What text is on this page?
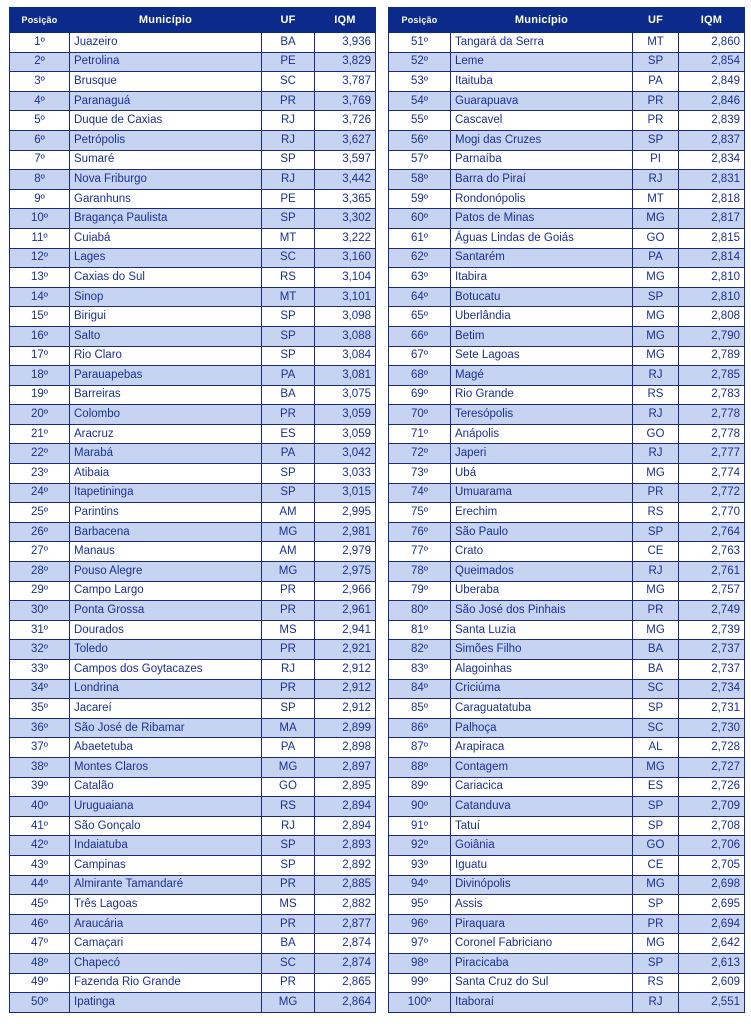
Posição	Município	UF	IQM
1º	Juazeiro	BA	3,936
2º	Petrolina	PE	3,829
3º	Brusque	SC	3,787
4º	Paranaguá	PR	3,769
5º	Duque de Caxias	RJ	3,726
6º	Petrópolis	RJ	3,627
7º	Sumaré	SP	3,597
8º	Nova Friburgo	RJ	3,442
9º	Garanhuns	PE	3,365
10º	Bragança Paulista	SP	3,302
11º	Cuiabá	MT	3,222
12º	Lages	SC	3,160
13º	Caxias do Sul	RS	3,104
14º	Sinop	MT	3,101
15º	Birigui	SP	3,098
16º	Salto	SP	3,088
17º	Rio Claro	SP	3,084
18º	Parauapebas	PA	3,081
19º	Barreiras	BA	3,075
20º	Colombo	PR	3,059
21º	Aracruz	ES	3,059
22º	Marabá	PA	3,042
23º	Atibaia	SP	3,033
24º	Itapetininga	SP	3,015
25º	Parintins	AM	2,995
26º	Barbacena	MG	2,981
27º	Manaus	AM	2,979
28º	Pouso Alegre	MG	2,975
29º	Campo Largo	PR	2,966
30º	Ponta Grossa	PR	2,961
31º	Dourados	MS	2,941
32º	Toledo	PR	2,921
33º	Campos dos Goytacazes	RJ	2,912
34º	Londrina	PR	2,912
35º	Jacareí	SP	2,912
36º	São José de Ribamar	MA	2,899
37º	Abaetetuba	PA	2,898
38º	Montes Claros	MG	2,897
39º	Catalão	GO	2,895
40º	Uruguaiana	RS	2,894
41º	São Gonçalo	RJ	2,894
42º	Indaiatuba	SP	2,893
43º	Campinas	SP	2,892
44º	Almirante Tamandaré	PR	2,885
45º	Três Lagoas	MS	2,882
46º	Araucária	PR	2,877
47º	Camaçari	BA	2,874
48º	Chapecó	SC	2,874
49º	Fazenda Rio Grande	PR	2,865
50º	Ipatinga	MG	2,864
Posição	Município	UF	IQM
51º	Tangará da Serra	MT	2,860
52º	Leme	SP	2,854
53º	Itaituba	PA	2,849
54º	Guarapuava	PR	2,846
55º	Cascavel	PR	2,839
56º	Mogi das Cruzes	SP	2,837
57º	Parnaíba	PI	2,834
58º	Barra do Piraí	RJ	2,831
59º	Rondonópolis	MT	2,818
60º	Patos de Minas	MG	2,817
61º	Águas Lindas de Goiás	GO	2,815
62º	Santarém	PA	2,814
63º	Itabira	MG	2,810
64º	Botucatu	SP	2,810
65º	Uberlândia	MG	2,808
66º	Betim	MG	2,790
67º	Sete Lagoas	MG	2,789
68º	Magé	RJ	2,785
69º	Rio Grande	RS	2,783
70º	Teresópolis	RJ	2,778
71º	Anápolis	GO	2,778
72º	Japeri	RJ	2,777
73º	Ubá	MG	2,774
74º	Umuarama	PR	2,772
75º	Erechim	RS	2,770
76º	São Paulo	SP	2,764
77º	Crato	CE	2,763
78º	Queimados	RJ	2,761
79º	Uberaba	MG	2,757
80º	São José dos Pinhais	PR	2,749
81º	Santa Luzia	MG	2,739
82º	Simões Filho	BA	2,737
83º	Alagoinhas	BA	2,737
84º	Criciúma	SC	2,734
85º	Caraguatatuba	SP	2,731
86º	Palhoça	SC	2,730
87º	Arapiraca	AL	2,728
88º	Contagem	MG	2,727
89º	Cariacica	ES	2,726
90º	Catanduva	SP	2,709
91º	Tatuí	SP	2,708
92º	Goiânia	GO	2,706
93º	Iguatu	CE	2,705
94º	Divinópolis	MG	2,698
95º	Assis	SP	2,695
96º	Piraquara	PR	2,694
97º	Coronel Fabriciano	MG	2,642
98º	Piracicaba	SP	2,613
99º	Santa Cruz do Sul	RS	2,609
100º	Itaboraí	RJ	2,551
